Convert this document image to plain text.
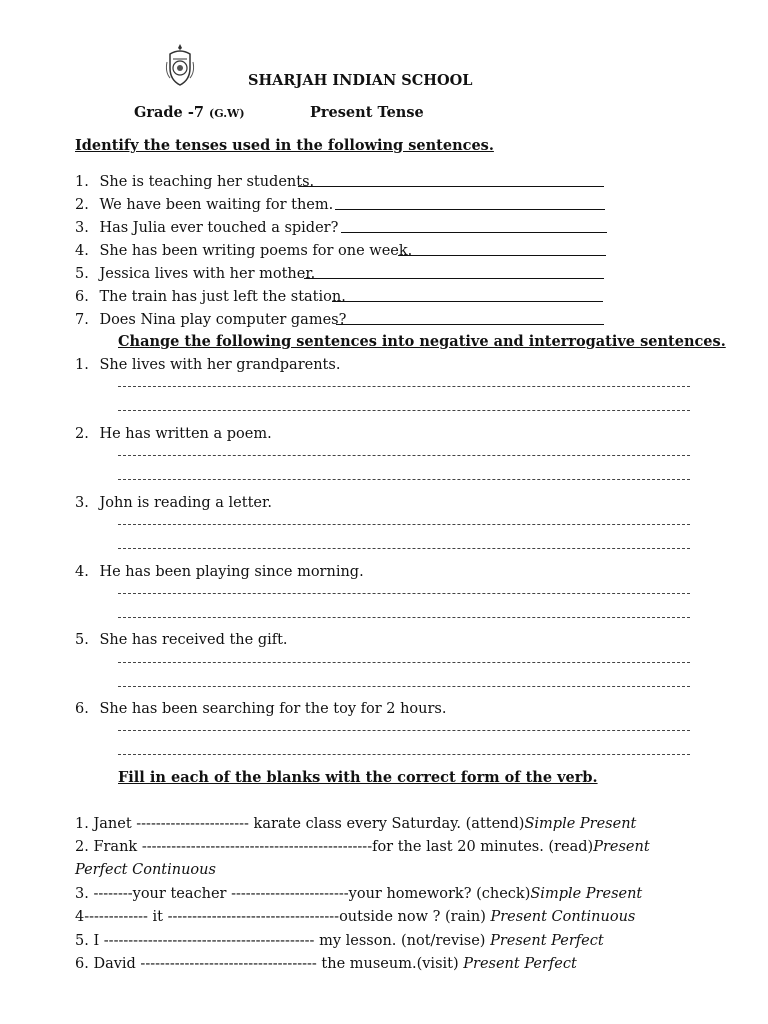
SHARJAH INDIAN SCHOOL
Grade -7 (G.W)	Present Tense
Identify the tenses used in the following sentences.
1. She is teaching her students.
2. We have been waiting for them.
3. Has Julia ever touched a spider?
4. She has been writing poems for one week.
5. Jessica lives with her mother.
6. The train has just left the station.
7. Does Nina play computer games?
Change the following sentences into negative and interrogative sentences.
1. She lives with her grandparents.
2. He has written a poem.
3. John is reading a letter.
4. He has been playing since morning.
5. She has received the gift.
6. She has been searching for the toy for 2 hours.
Fill in each of the blanks with the correct form of the verb.
1. Janet ----------------------- karate class every Saturday. (attend)Simple Present
2. Frank -----------------------------------------------for the last 20 minutes. (read)Present
Perfect Continuous
3. --------your teacher ------------------------your homework? (check)Simple Present
4------------- it -----------------------------------outside now ? (rain) Present Continuous
5. I ------------------------------------------- my lesson. (not/revise) Present Perfect
6. David ------------------------------------ the museum.(visit) Present Perfect
